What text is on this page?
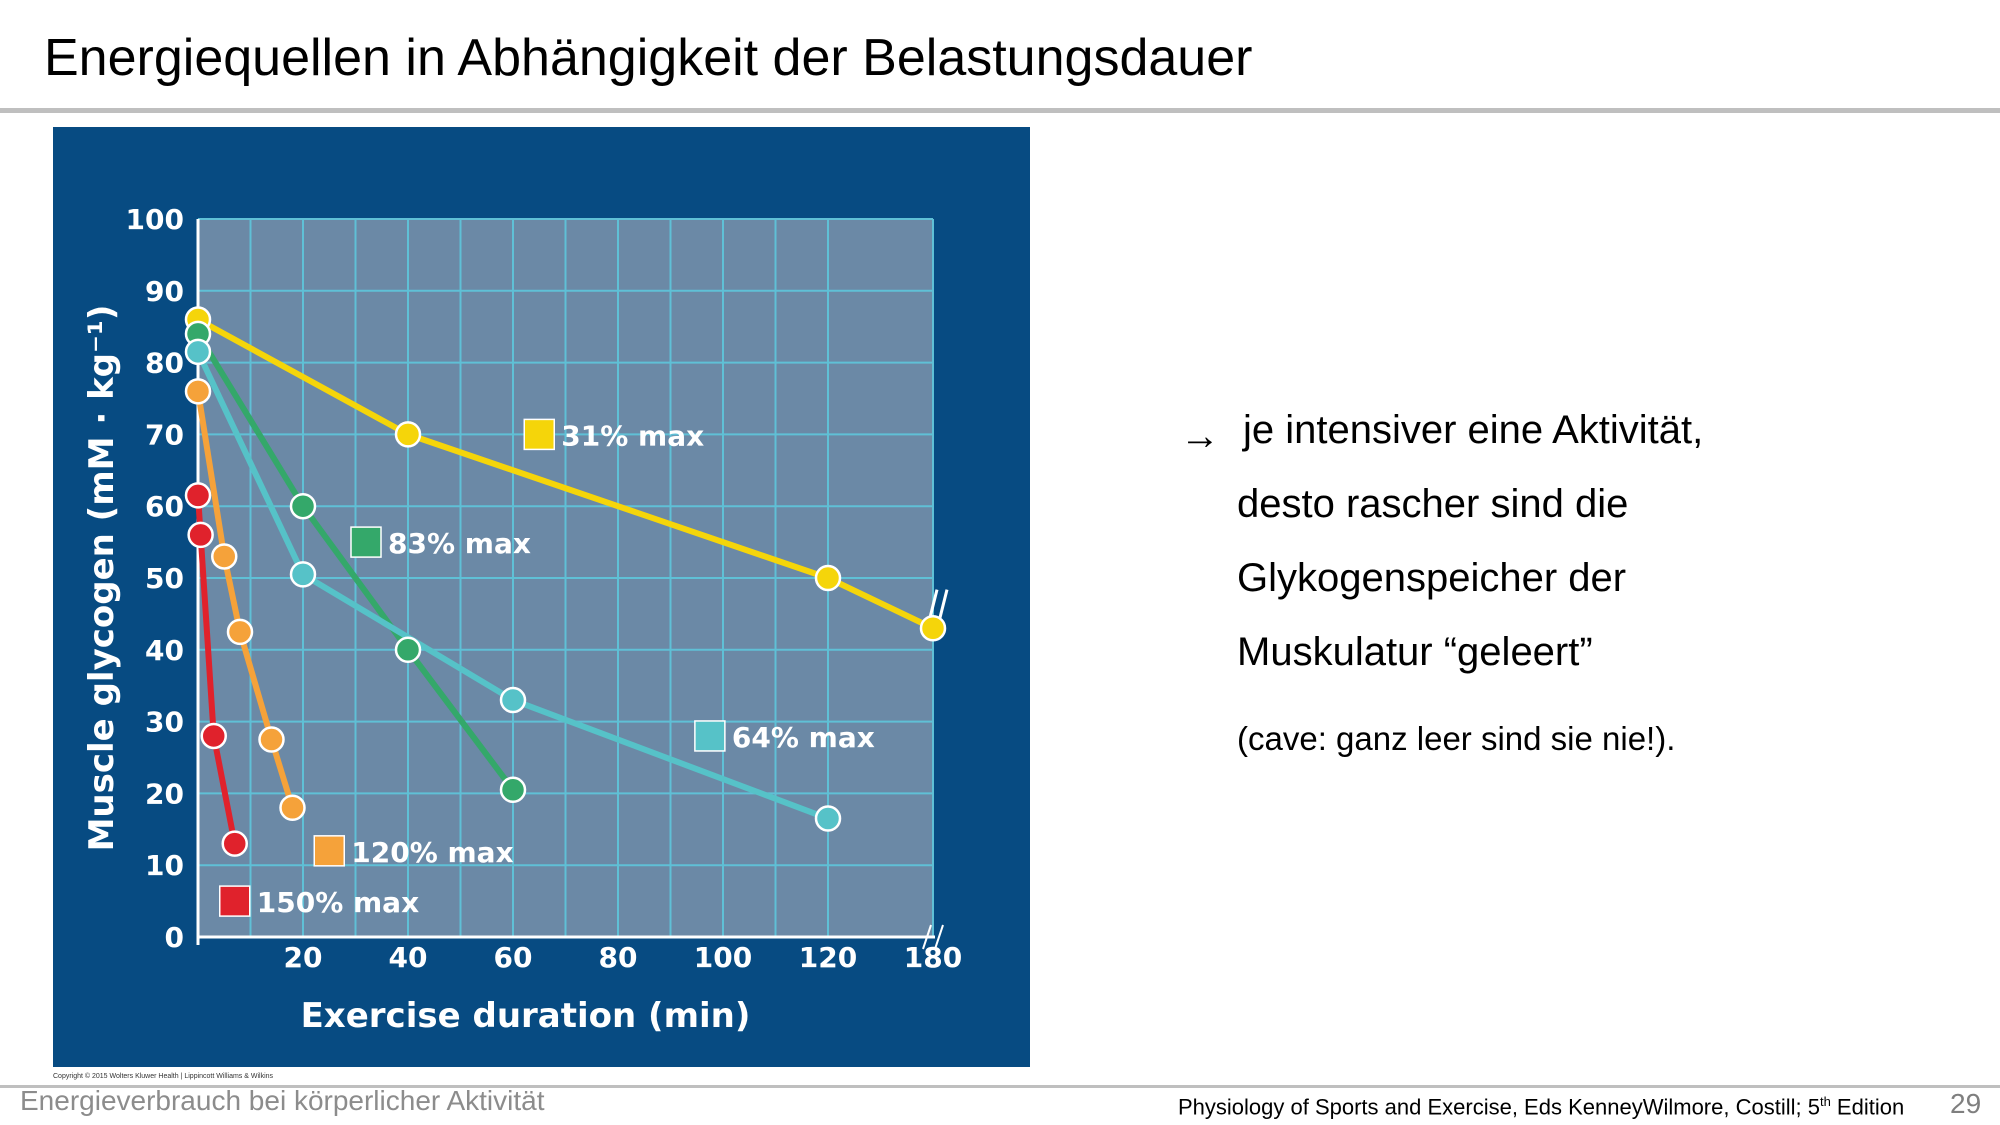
Energiequellen in Abhängigkeit der Belastungsdauer
20 40 60 80 100 120 180
0
10
20
30
40
50
60
70
80
90
100
Exercise duration (min)
Muscle glycogen (mM · kg⁻¹)	31% max
83% max
64% max
120% max
150% max
Copyright © 2015 Wolters Kluwer Health | Lippincott Williams & Wilkins
→ je intensiver eine Aktivität,
desto rascher sind die
Glykogenspeicher der
Muskulatur “geleert”
(cave: ganz leer sind sie nie!).
Energieverbrauch bei körperlicher Aktivität	Physiology of Sports and Exercise, Eds KenneyWilmore, Costill; 5th Edition 29
